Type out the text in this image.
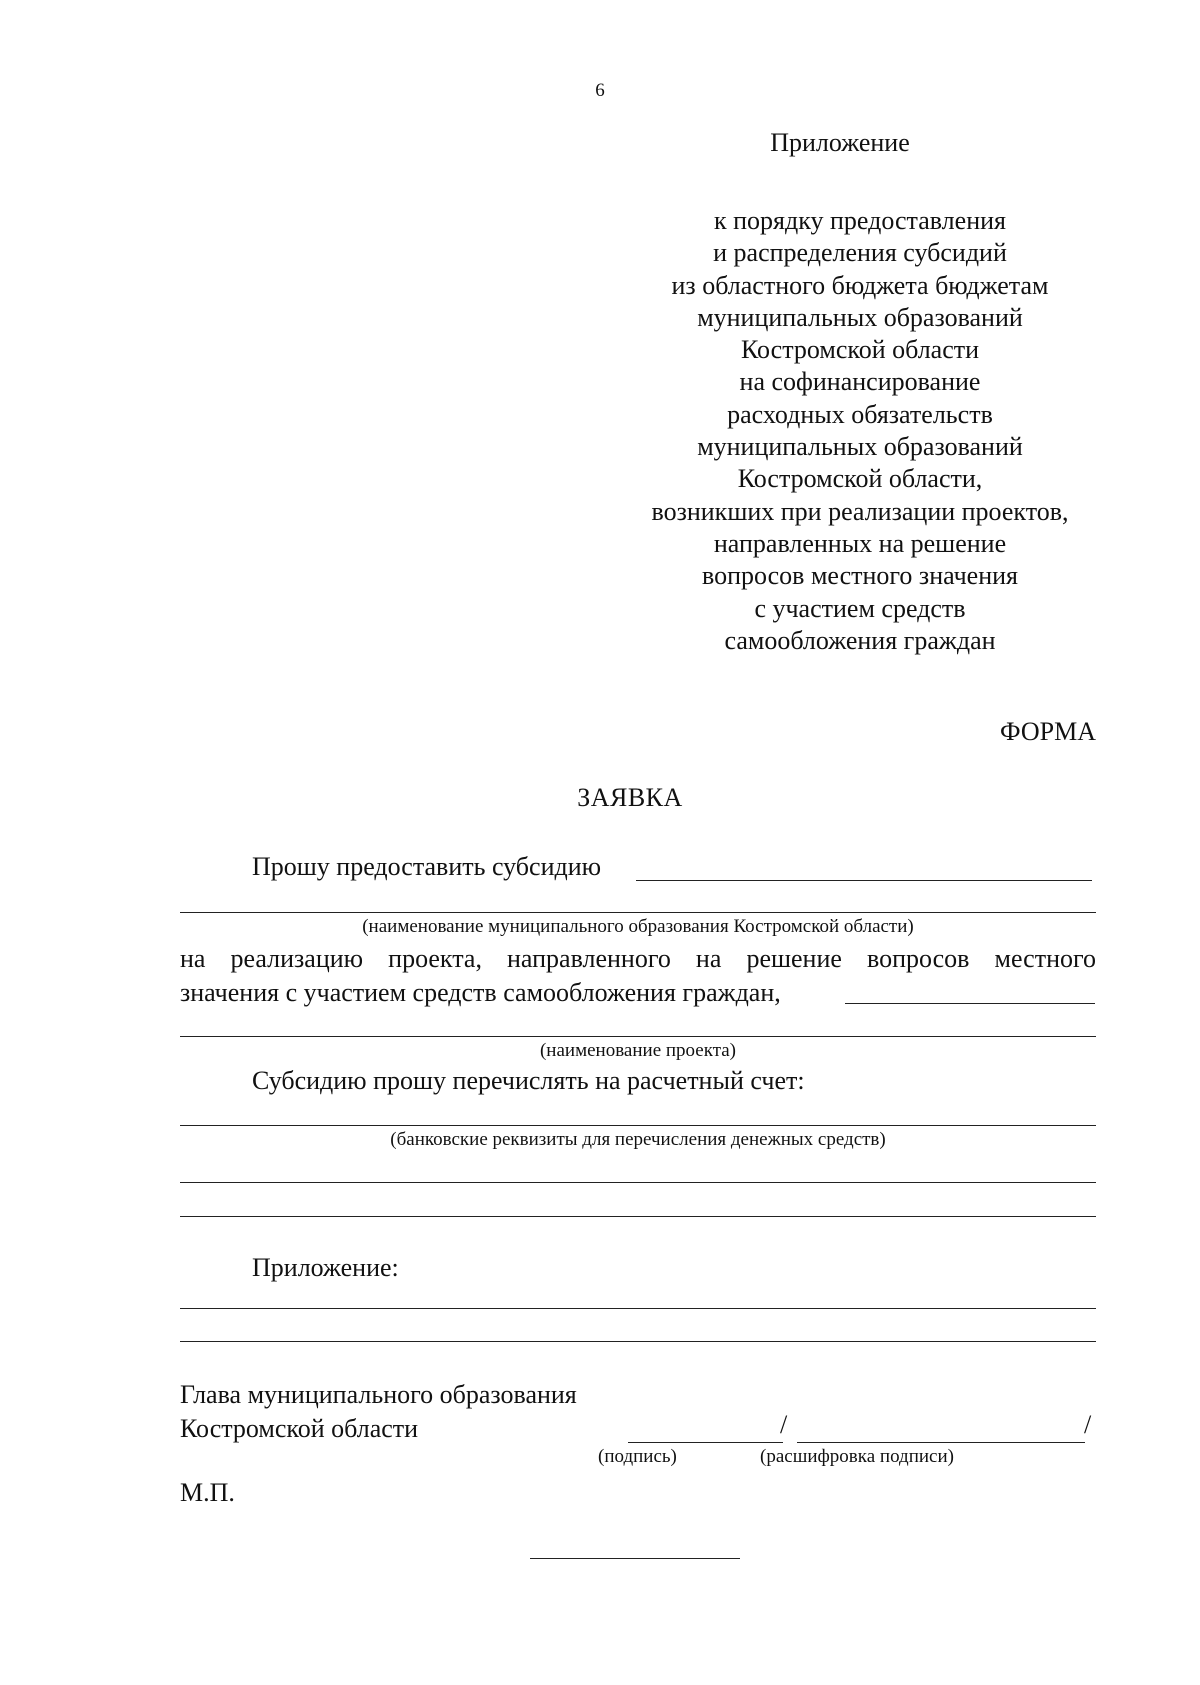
6
Приложение
к порядку предоставления
и распределения субсидий
из областного бюджета бюджетам
муниципальных образований
Костромской области
на софинансирование
расходных обязательств
муниципальных образований
Костромской области,
возникших при реализации проектов,
направленных на решение
вопросов местного значения
с участием средств
самообложения граждан
ФОРМА
ЗАЯВКА
Прошу предоставить субсидию
(наименование муниципального образования Костромской области)
на реализацию проекта, направленного на решение вопросов местного
значения с участием средств самообложения граждан,
(наименование проекта)
Субсидию прошу перечислять на расчетный счет:
(банковские реквизиты для перечисления денежных средств)
Приложение:
Глава муниципального образования
Костромской области	/	/
(подпись)	(расшифровка подписи)
М.П.
